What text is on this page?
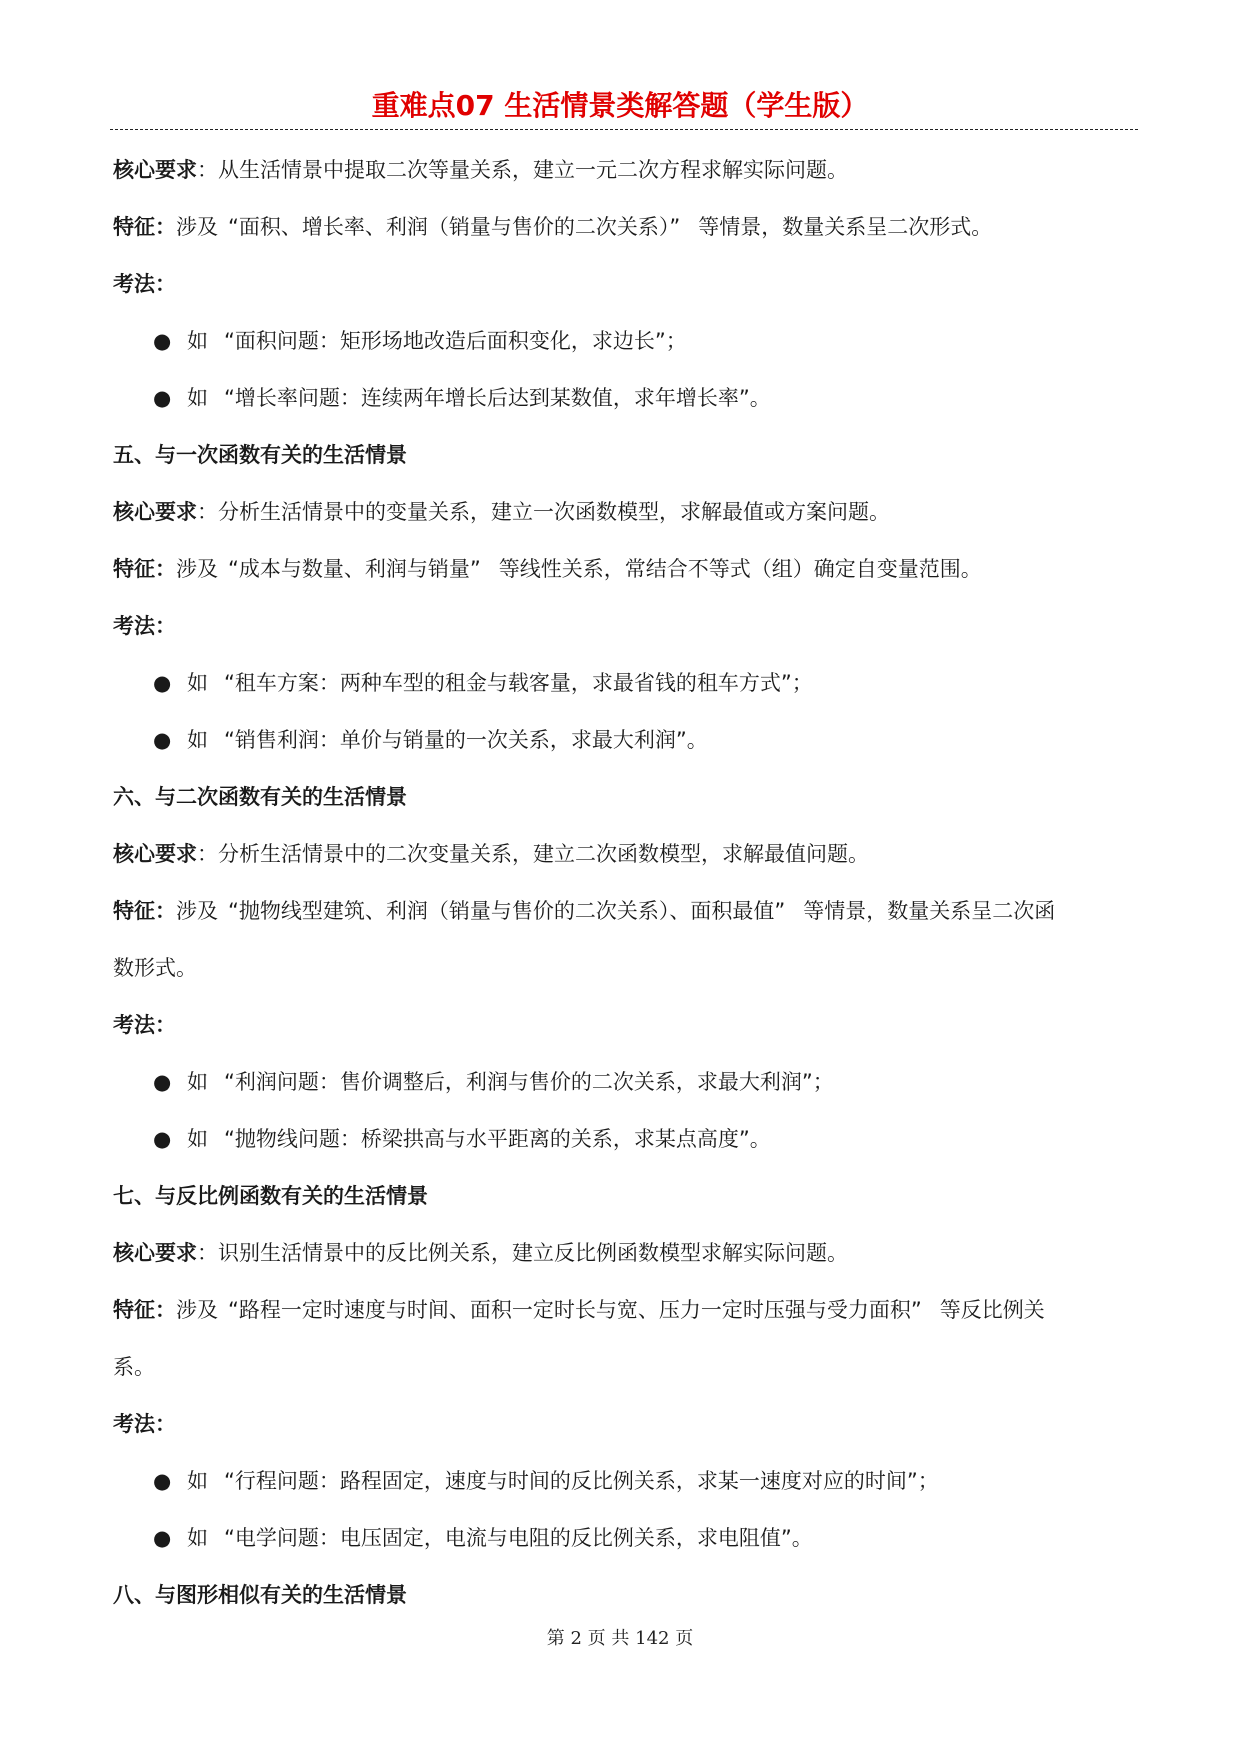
重难点07 生活情景类解答题（学生版）

核心要求：从生活情景中提取二次等量关系，建立一元二次方程求解实际问题。

特征：涉及 “面积、增长率、利润（销量与售价的二次关系）” 等情景，数量关系呈二次形式。

考法：

● 如 “面积问题：矩形场地改造后面积变化，求边长”；

● 如 “增长率问题：连续两年增长后达到某数值，求年增长率”。

五、与一次函数有关的生活情景

核心要求：分析生活情景中的变量关系，建立一次函数模型，求解最值或方案问题。

特征：涉及 “成本与数量、利润与销量” 等线性关系，常结合不等式（组）确定自变量范围。

考法：

● 如 “租车方案：两种车型的租金与载客量，求最省钱的租车方式”；

● 如 “销售利润：单价与销量的一次关系，求最大利润”。

六、与二次函数有关的生活情景

核心要求：分析生活情景中的二次变量关系，建立二次函数模型，求解最值问题。

特征：涉及 “抛物线型建筑、利润（销量与售价的二次关系）、面积最值” 等情景，数量关系呈二次函

数形式。

考法：

● 如 “利润问题：售价调整后，利润与售价的二次关系，求最大利润”；

● 如 “抛物线问题：桥梁拱高与水平距离的关系，求某点高度”。

七、与反比例函数有关的生活情景

核心要求：识别生活情景中的反比例关系，建立反比例函数模型求解实际问题。

特征：涉及 “路程一定时速度与时间、面积一定时长与宽、压力一定时压强与受力面积” 等反比例关

系。

考法：

● 如 “行程问题：路程固定，速度与时间的反比例关系，求某一速度对应的时间”；

● 如 “电学问题：电压固定，电流与电阻的反比例关系，求电阻值”。

八、与图形相似有关的生活情景

第 2 页 共 142 页
